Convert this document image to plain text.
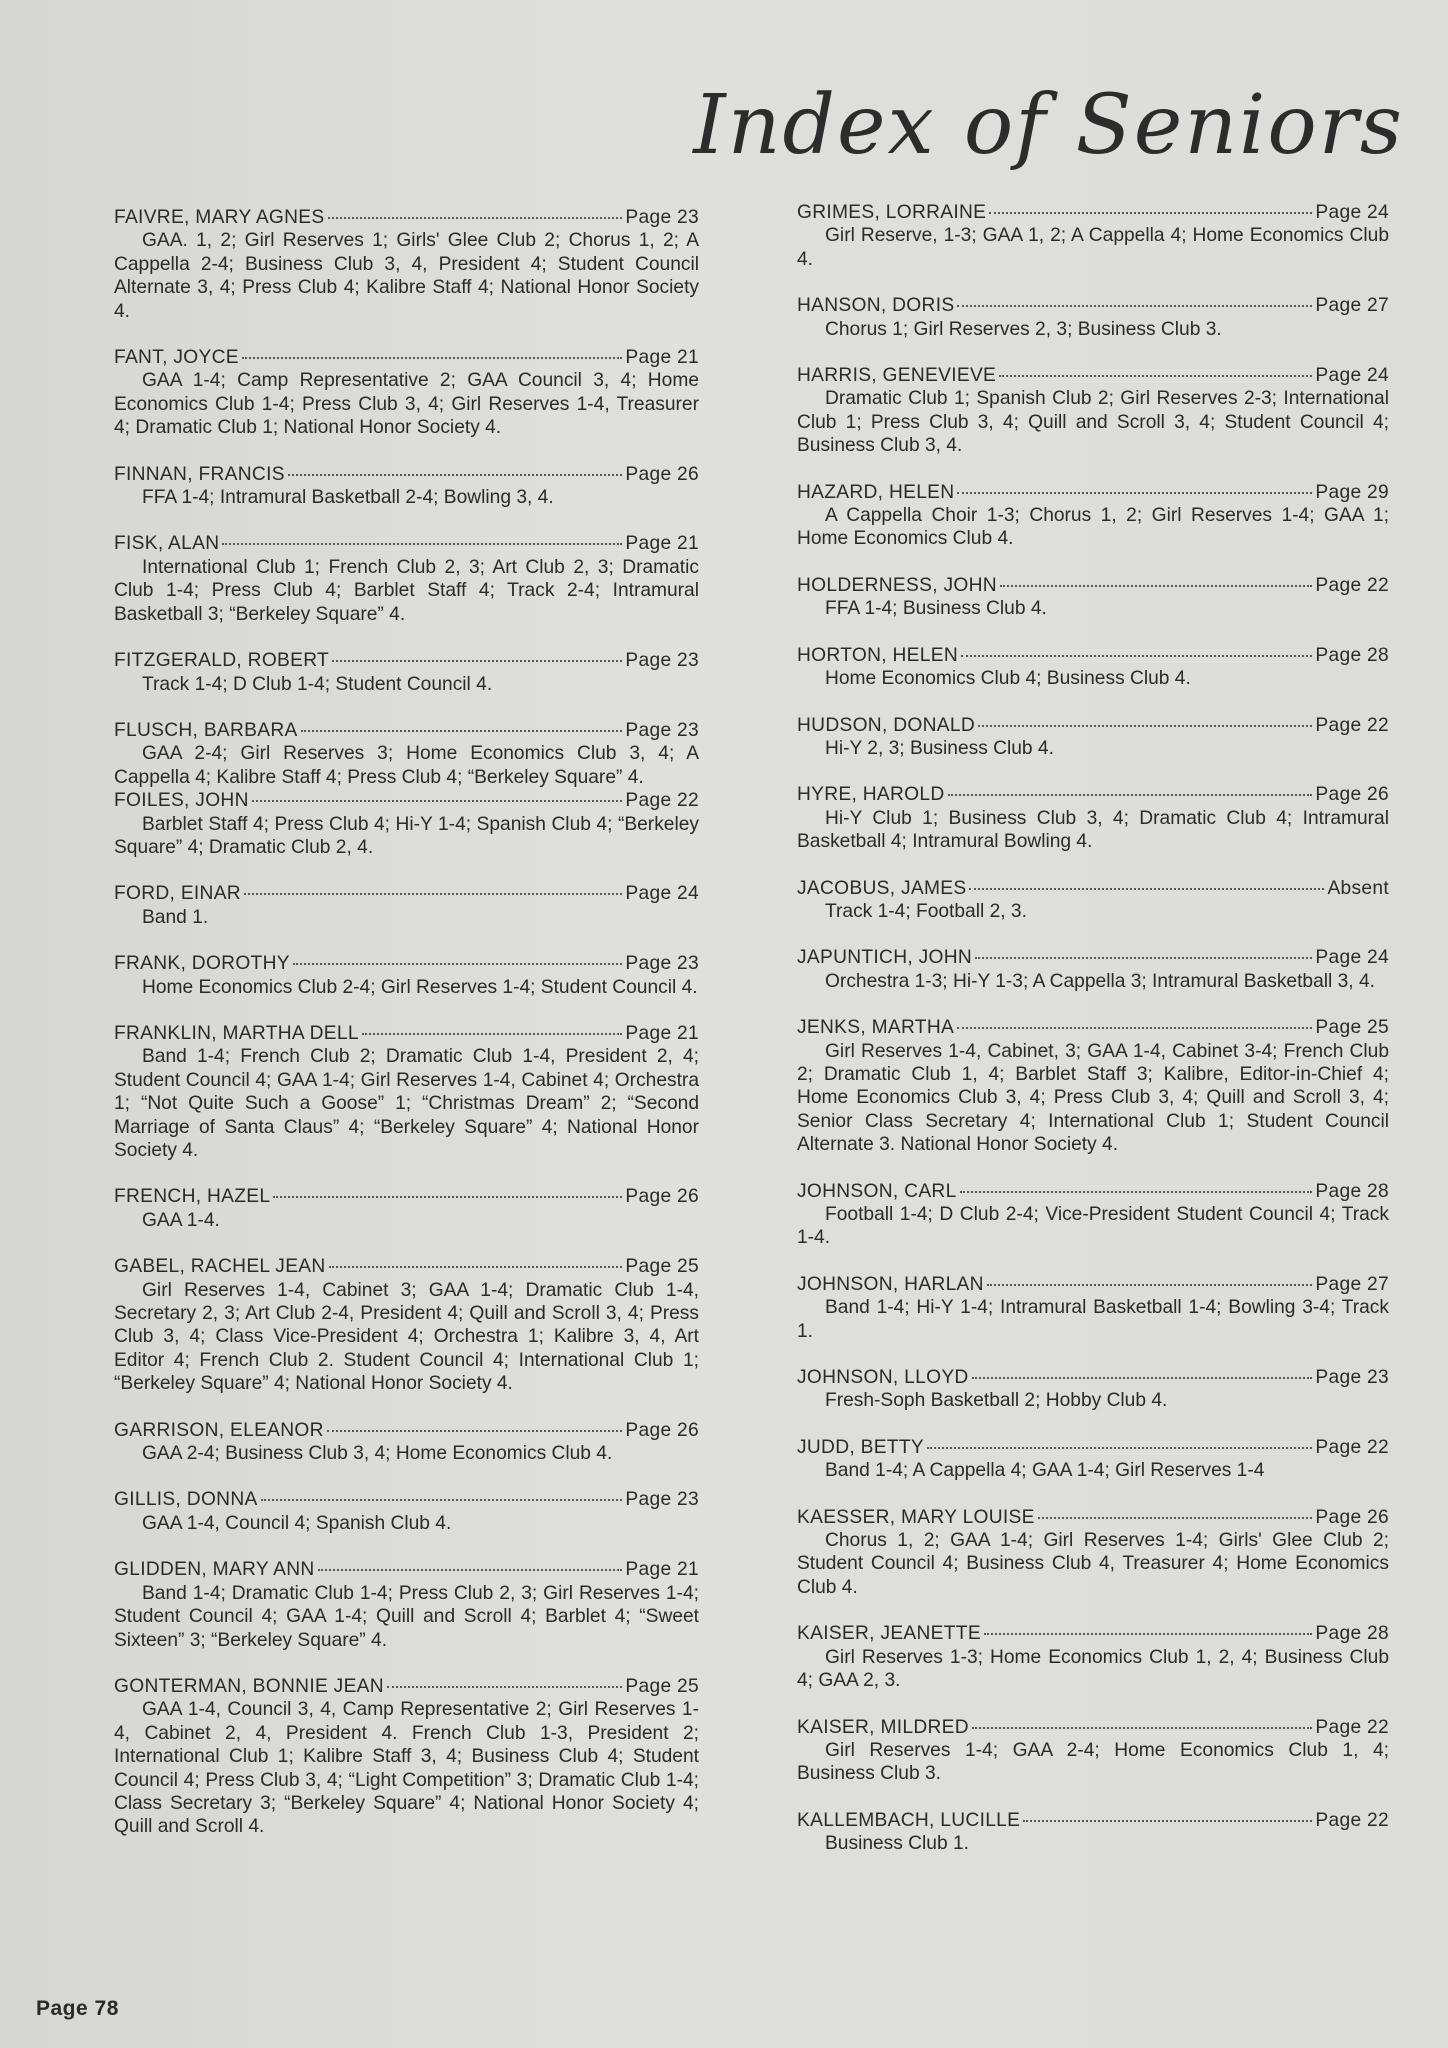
Index of Seniors
FAIVRE, MARY AGNES	Page 23
GAA. 1, 2; Girl Reserves 1; Girls' Glee Club 2; Chorus 1, 2; A Cappella 2-4; Business Club 3, 4, President 4; Student Council Alternate 3, 4; Press Club 4; Kalibre Staff 4; National Honor Society 4.
FANT, JOYCE	Page 21
GAA 1-4; Camp Representative 2; GAA Council 3, 4; Home Economics Club 1-4; Press Club 3, 4; Girl Reserves 1-4, Treasurer 4; Dramatic Club 1; National Honor Society 4.
FINNAN, FRANCIS	Page 26
FFA 1-4; Intramural Basketball 2-4; Bowling 3, 4.
FISK, ALAN	Page 21
International Club 1; French Club 2, 3; Art Club 2, 3; Dramatic Club 1-4; Press Club 4; Barblet Staff 4; Track 2-4; Intramural Basketball 3; “Berkeley Square” 4.
FITZGERALD, ROBERT	Page 23
Track 1-4; D Club 1-4; Student Council 4.
FLUSCH, BARBARA	Page 23
GAA 2-4; Girl Reserves 3; Home Economics Club 3, 4; A Cappella 4; Kalibre Staff 4; Press Club 4; “Berkeley Square” 4.
FOILES, JOHN	Page 22
Barblet Staff 4; Press Club 4; Hi-Y 1-4; Spanish Club 4; “Berkeley Square” 4; Dramatic Club 2, 4.
FORD, EINAR	Page 24
Band 1.
FRANK, DOROTHY	Page 23
Home Economics Club 2-4; Girl Reserves 1-4; Student Council 4.
FRANKLIN, MARTHA DELL	Page 21
Band 1-4; French Club 2; Dramatic Club 1-4, President 2, 4; Student Council 4; GAA 1-4; Girl Reserves 1-4, Cabinet 4; Orchestra 1; “Not Quite Such a Goose” 1; “Christmas Dream” 2; “Second Marriage of Santa Claus” 4; “Berkeley Square” 4; National Honor Society 4.
FRENCH, HAZEL	Page 26
GAA 1-4.
GABEL, RACHEL JEAN	Page 25
Girl Reserves 1-4, Cabinet 3; GAA 1-4; Dramatic Club 1-4, Secretary 2, 3; Art Club 2-4, President 4; Quill and Scroll 3, 4; Press Club 3, 4; Class Vice-President 4; Orchestra 1; Kalibre 3, 4, Art Editor 4; French Club 2. Student Council 4; International Club 1; “Berkeley Square” 4; National Honor Society 4.
GARRISON, ELEANOR	Page 26
GAA 2-4; Business Club 3, 4; Home Economics Club 4.
GILLIS, DONNA	Page 23
GAA 1-4, Council 4; Spanish Club 4.
GLIDDEN, MARY ANN	Page 21
Band 1-4; Dramatic Club 1-4; Press Club 2, 3; Girl Reserves 1-4; Student Council 4; GAA 1-4; Quill and Scroll 4; Barblet 4; “Sweet Sixteen” 3; “Berkeley Square” 4.
GONTERMAN, BONNIE JEAN	Page 25
GAA 1-4, Council 3, 4, Camp Representative 2; Girl Reserves 1-4, Cabinet 2, 4, President 4. French Club 1-3, President 2; International Club 1; Kalibre Staff 3, 4; Business Club 4; Student Council 4; Press Club 3, 4; “Light Competition” 3; Dramatic Club 1-4; Class Secretary 3; “Berkeley Square” 4; National Honor Society 4; Quill and Scroll 4.
GRIMES, LORRAINE	Page 24
Girl Reserve, 1-3; GAA 1, 2; A Cappella 4; Home Economics Club 4.
HANSON, DORIS	Page 27
Chorus 1; Girl Reserves 2, 3; Business Club 3.
HARRIS, GENEVIEVE	Page 24
Dramatic Club 1; Spanish Club 2; Girl Reserves 2-3; International Club 1; Press Club 3, 4; Quill and Scroll 3, 4; Student Council 4; Business Club 3, 4.
HAZARD, HELEN	Page 29
A Cappella Choir 1-3; Chorus 1, 2; Girl Reserves 1-4; GAA 1; Home Economics Club 4.
HOLDERNESS, JOHN	Page 22
FFA 1-4; Business Club 4.
HORTON, HELEN	Page 28
Home Economics Club 4; Business Club 4.
HUDSON, DONALD	Page 22
Hi-Y 2, 3; Business Club 4.
HYRE, HAROLD	Page 26
Hi-Y Club 1; Business Club 3, 4; Dramatic Club 4; Intramural Basketball 4; Intramural Bowling 4.
JACOBUS, JAMES	Absent
Track 1-4; Football 2, 3.
JAPUNTICH, JOHN	Page 24
Orchestra 1-3; Hi-Y 1-3; A Cappella 3; Intramural Basketball 3, 4.
JENKS, MARTHA	Page 25
Girl Reserves 1-4, Cabinet, 3; GAA 1-4, Cabinet 3-4; French Club 2; Dramatic Club 1, 4; Barblet Staff 3; Kalibre, Editor-in-Chief 4; Home Economics Club 3, 4; Press Club 3, 4; Quill and Scroll 3, 4; Senior Class Secretary 4; International Club 1; Student Council Alternate 3. National Honor Society 4.
JOHNSON, CARL	Page 28
Football 1-4; D Club 2-4; Vice-President Student Council 4; Track 1-4.
JOHNSON, HARLAN	Page 27
Band 1-4; Hi-Y 1-4; Intramural Basketball 1-4; Bowling 3-4; Track 1.
JOHNSON, LLOYD	Page 23
Fresh-Soph Basketball 2; Hobby Club 4.
JUDD, BETTY	Page 22
Band 1-4; A Cappella 4; GAA 1-4; Girl Reserves 1-4
KAESSER, MARY LOUISE	Page 26
Chorus 1, 2; GAA 1-4; Girl Reserves 1-4; Girls' Glee Club 2; Student Council 4; Business Club 4, Treasurer 4; Home Economics Club 4.
KAISER, JEANETTE	Page 28
Girl Reserves 1-3; Home Economics Club 1, 2, 4; Business Club 4; GAA 2, 3.
KAISER, MILDRED	Page 22
Girl Reserves 1-4; GAA 2-4; Home Economics Club 1, 4; Business Club 3.
KALLEMBACH, LUCILLE	Page 22
Business Club 1.
Page 78
